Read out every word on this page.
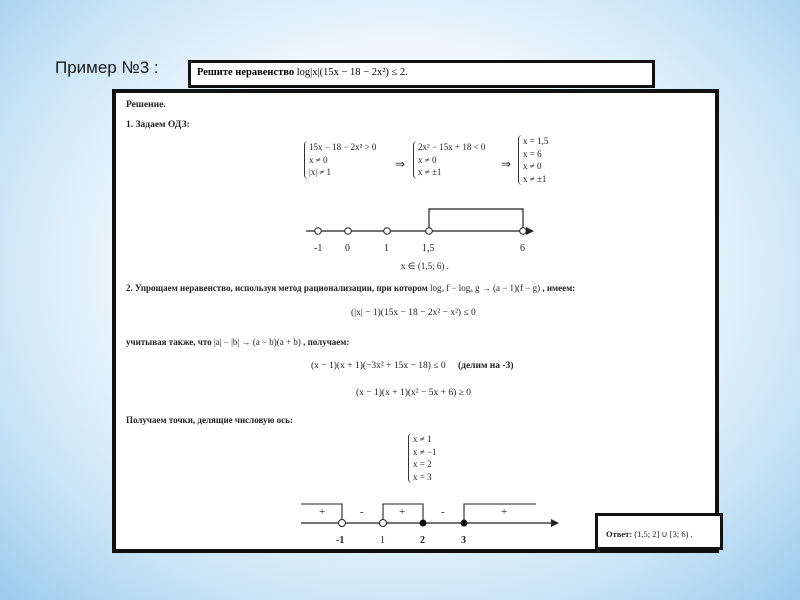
Пример №3 :	Решите неравенство log|x|(15x − 18 − 2x²) ≤ 2.
Решение.
1. Задаем ОДЗ:
15x − 18 − 2x² > 0
x ≠ 0
|x| ≠ 1
⇒
2x² − 15x + 18 < 0
x ≠ 0
x ≠ ±1
⇒
x = 1,5
x = 6
x ≠ 0
x ≠ ±1
-1 0	1	1,5	6
x ∈ (1,5; 6) .
2. Упрощаем неравенство, используя метод рационализации, при котором logₐ f − logₐ g → (a − 1)(f − g) , имеем:
(|x| − 1)(15x − 18 − 2x² − x²) ≤ 0
учитывая также, что |a| − |b| → (a − b)(a + b) , получаем:
(x − 1)(x + 1)(−3x² + 15x − 18) ≤ 0 (делим на -3)
(x − 1)(x + 1)(x² − 5x + 6) ≥ 0
Получаем точки, делящие числовую ось:
x ≠ 1
x ≠ −1
x = 2
x = 3
+	-	+	-	+
-1	1	2	3
Ответ: (1,5; 2] ∪ [3; 6) .
